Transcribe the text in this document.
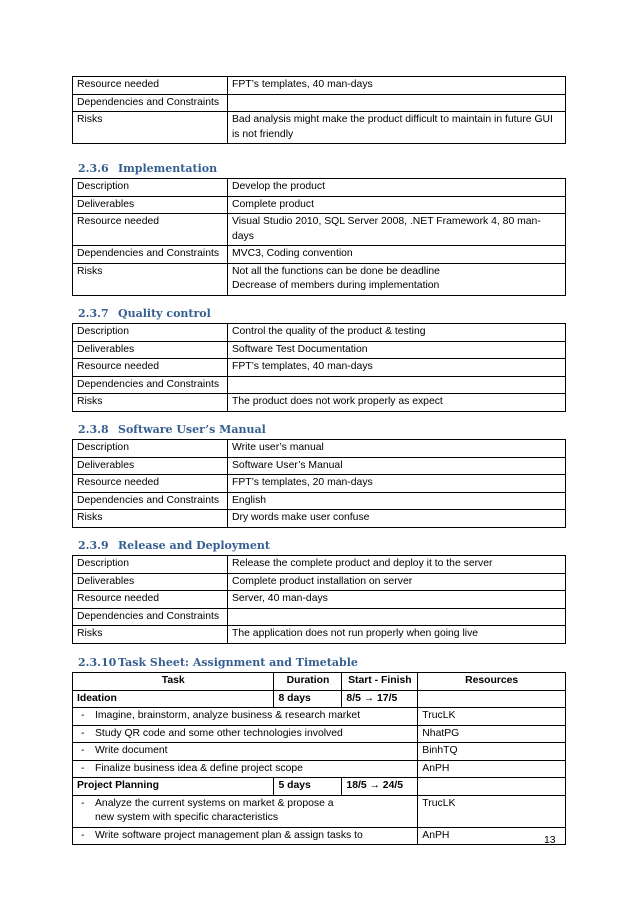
Resource needed	FPT’s templates, 40 man-days
Dependencies and Constraints	
Risks	Bad analysis might make the product difficult to maintain in future GUI is not friendly
2.3.6 Implementation
Description	Develop the product
Deliverables	Complete product
Resource needed	Visual Studio 2010, SQL Server 2008, .NET Framework 4, 80 man-days
Dependencies and Constraints	MVC3, Coding convention
Risks	Not all the functions can be done be deadline
Decrease of members during implementation
2.3.7 Quality control
Description	Control the quality of the product & testing
Deliverables	Software Test Documentation
Resource needed	FPT’s templates, 40 man-days
Dependencies and Constraints	
Risks	The product does not work properly as expect
2.3.8 Software User’s Manual
Description	Write user’s manual
Deliverables	Software User’s Manual
Resource needed	FPT’s templates, 20 man-days
Dependencies and Constraints	English
Risks	Dry words make user confuse
2.3.9 Release and Deployment
Description	Release the complete product and deploy it to the server
Deliverables	Complete product installation on server
Resource needed	Server, 40 man-days
Dependencies and Constraints	
Risks	The application does not run properly when going live
2.3.10 Task Sheet: Assignment and Timetable
Task	Duration	Start - Finish	Resources
Ideation	8 days	8/5 → 17/5	
- Imagine, brainstorm, analyze business & research market			TrucLK
- Study QR code and some other technologies involved			NhatPG
- Write document			BinhTQ
- Finalize business idea & define project scope			AnPH
Project Planning	5 days	18/5 → 24/5	
- Analyze the current systems on market & propose a new system with specific characteristics			TrucLK
- Write software project management plan & assign tasks to			AnPH	13
